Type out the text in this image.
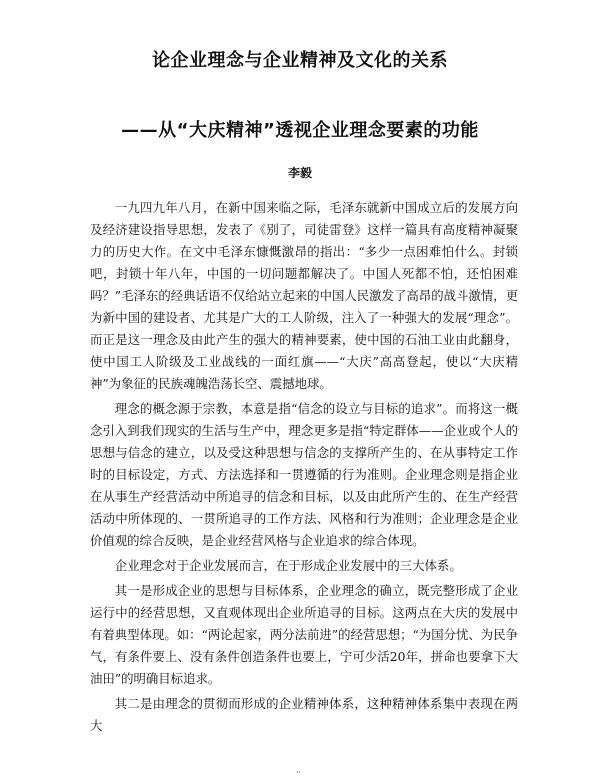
论企业理念与企业精神及文化的关系
——从“大庆精神”透视企业理念要素的功能
李毅

一九四九年八月，在新中国来临之际，毛泽东就新中国成立后的发展方向及经济建设指导思想，发表了《别了，司徒雷登》这样一篇具有高度精神凝聚力的历史大作。在文中毛泽东慷慨激昂的指出：“多少一点困难怕什么。封锁吧，封锁十年八年，中国的一切问题都解决了。中国人死都不怕，还怕困难吗？”毛泽东的经典话语不仅给站立起来的中国人民激发了高昂的战斗激情，更为新中国的建设者、尤其是广大的工人阶级，注入了一种强大的发展“理念”。而正是这一理念及由此产生的强大的精神要素，使中国的石油工业由此翻身，使中国工人阶级及工业战线的一面红旗——“大庆”高高登起，使以“大庆精神”为象征的民族魂魄浩荡长空、震撼地球。

理念的概念源于宗教，本意是指“信念的设立与目标的追求”。而将这一概念引入到我们现实的生活与生产中，理念更多是指“特定群体——企业或个人的思想与信念的建立，以及受这种思想与信念的支撑所产生的、在从事特定工作时的目标设定，方式、方法选择和一贯遵循的行为准则。企业理念则是指企业在从事生产经营活动中所追寻的信念和目标，以及由此所产生的、在生产经营活动中所体现的、一贯所追寻的工作方法、风格和行为准则；企业理念是企业价值观的综合反映，是企业经营风格与企业追求的综合体现。

企业理念对于企业发展而言，在于形成企业发展中的三大体系。

其一是形成企业的思想与目标体系，企业理念的确立，既完整形成了企业运行中的经营思想，又直观体现出企业所追寻的目标。这两点在大庆的发展中有着典型体现。如：“两论起家，两分法前进”的经营思想；“为国分忧、为民争气，有条件要上、没有条件创造条件也要上，宁可少活20年，拼命也要拿下大油田”的明确目标追求。

其二是由理念的贯彻而形成的企业精神体系，这种精神体系集中表现在两大

··
